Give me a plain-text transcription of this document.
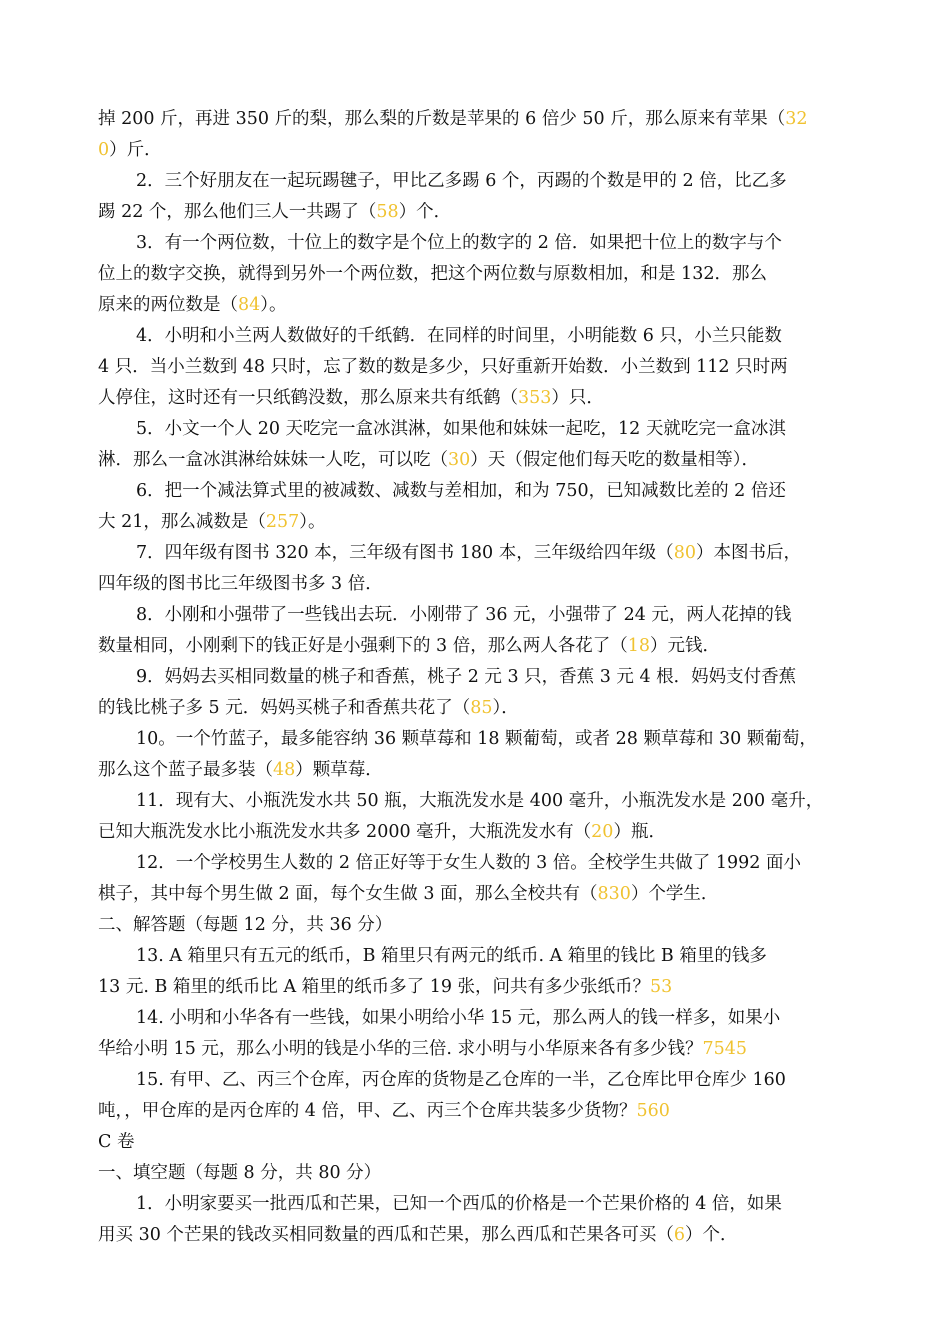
掉 200 斤，再进 350 斤的梨，那么梨的斤数是苹果的 6 倍少 50 斤，那么原来有苹果（32
0）斤．
2．三个好朋友在一起玩踢毽子，甲比乙多踢 6 个，丙踢的个数是甲的 2 倍，比乙多
踢 22 个，那么他们三人一共踢了（58）个．
3．有一个两位数，十位上的数字是个位上的数字的 2 倍．如果把十位上的数字与个
位上的数字交换，就得到另外一个两位数，把这个两位数与原数相加，和是 132．那么
原来的两位数是（84）。
4．小明和小兰两人数做好的千纸鹤．在同样的时间里，小明能数 6 只，小兰只能数
4 只．当小兰数到 48 只时，忘了数的数是多少，只好重新开始数．小兰数到 112 只时两
人停住，这时还有一只纸鹤没数，那么原来共有纸鹤（353）只．
5．小文一个人 20 天吃完一盒冰淇淋，如果他和妹妹一起吃，12 天就吃完一盒冰淇
淋．那么一盒冰淇淋给妹妹一人吃，可以吃（30）天（假定他们每天吃的数量相等）．
6．把一个减法算式里的被减数、减数与差相加，和为 750，已知减数比差的 2 倍还
大 21，那么减数是（257）。
7．四年级有图书 320 本，三年级有图书 180 本，三年级给四年级（80）本图书后，
四年级的图书比三年级图书多 3 倍．
8．小刚和小强带了一些钱出去玩．小刚带了 36 元，小强带了 24 元，两人花掉的钱
数量相同，小刚剩下的钱正好是小强剩下的 3 倍，那么两人各花了（18）元钱．
9．妈妈去买相同数量的桃子和香蕉，桃子 2 元 3 只，香蕉 3 元 4 根．妈妈支付香蕉
的钱比桃子多 5 元．妈妈买桃子和香蕉共花了（85）．
10。一个竹蓝子，最多能容纳 36 颗草莓和 18 颗葡萄，或者 28 颗草莓和 30 颗葡萄，
那么这个蓝子最多装（48）颗草莓．
11．现有大、小瓶洗发水共 50 瓶，大瓶洗发水是 400 毫升，小瓶洗发水是 200 毫升，
已知大瓶洗发水比小瓶洗发水共多 2000 毫升，大瓶洗发水有（20）瓶．
12．一个学校男生人数的 2 倍正好等于女生人数的 3 倍。全校学生共做了 1992 面小
棋子，其中每个男生做 2 面，每个女生做 3 面，那么全校共有（830）个学生．
二、解答题（每题 12 分，共 36 分）
13. A 箱里只有五元的纸币，B 箱里只有两元的纸币. A 箱里的钱比 B 箱里的钱多
13 元. B 箱里的纸币比 A 箱里的纸币多了 19 张，问共有多少张纸币？53
14. 小明和小华各有一些钱，如果小明给小华 15 元，那么两人的钱一样多，如果小
华给小明 15 元，那么小明的钱是小华的三倍. 求小明与小华原来各有多少钱？7545
15. 有甲、乙、丙三个仓库，丙仓库的货物是乙仓库的一半，乙仓库比甲仓库少 160
吨，，甲仓库的是丙仓库的 4 倍，甲、乙、丙三个仓库共装多少货物？560
C 卷
一、填空题（每题 8 分，共 80 分）
1．小明家要买一批西瓜和芒果，已知一个西瓜的价格是一个芒果价格的 4 倍，如果
用买 30 个芒果的钱改买相同数量的西瓜和芒果，那么西瓜和芒果各可买（6）个．
